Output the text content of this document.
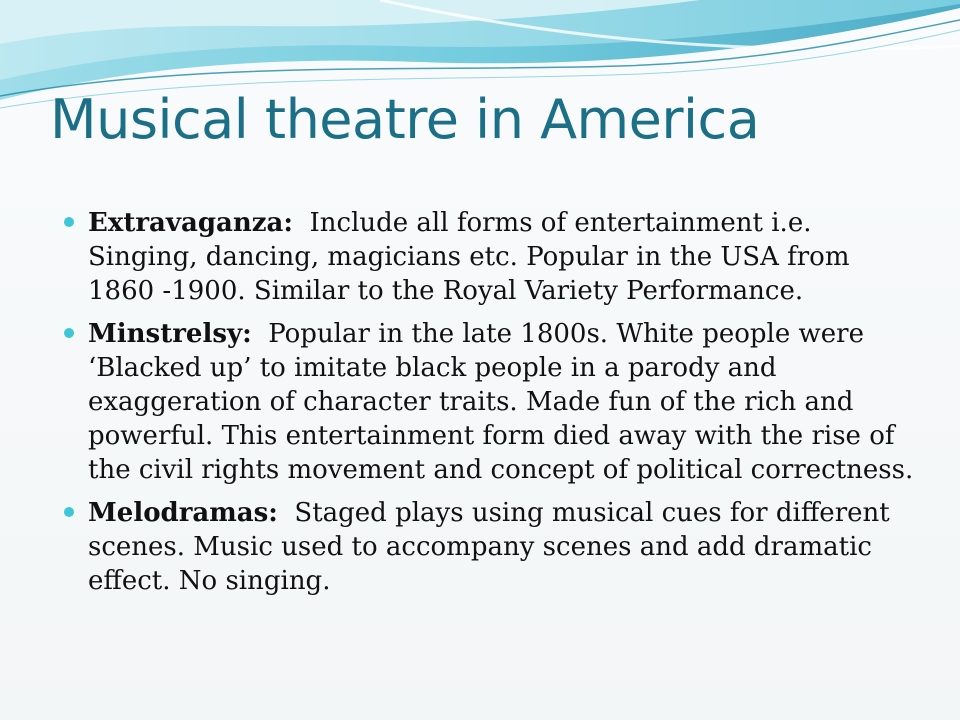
Musical theatre in America
Extravaganza: Include all forms of entertainment i.e. Singing, dancing, magicians etc. Popular in the USA from 1860 -1900. Similar to the Royal Variety Performance.
Minstrelsy: Popular in the late 1800s. White people were ‘Blacked up’ to imitate black people in a parody and exaggeration of character traits. Made fun of the rich and powerful. This entertainment form died away with the rise of the civil rights movement and concept of political correctness.
Melodramas: Staged plays using musical cues for different scenes. Music used to accompany scenes and add dramatic effect. No singing.
